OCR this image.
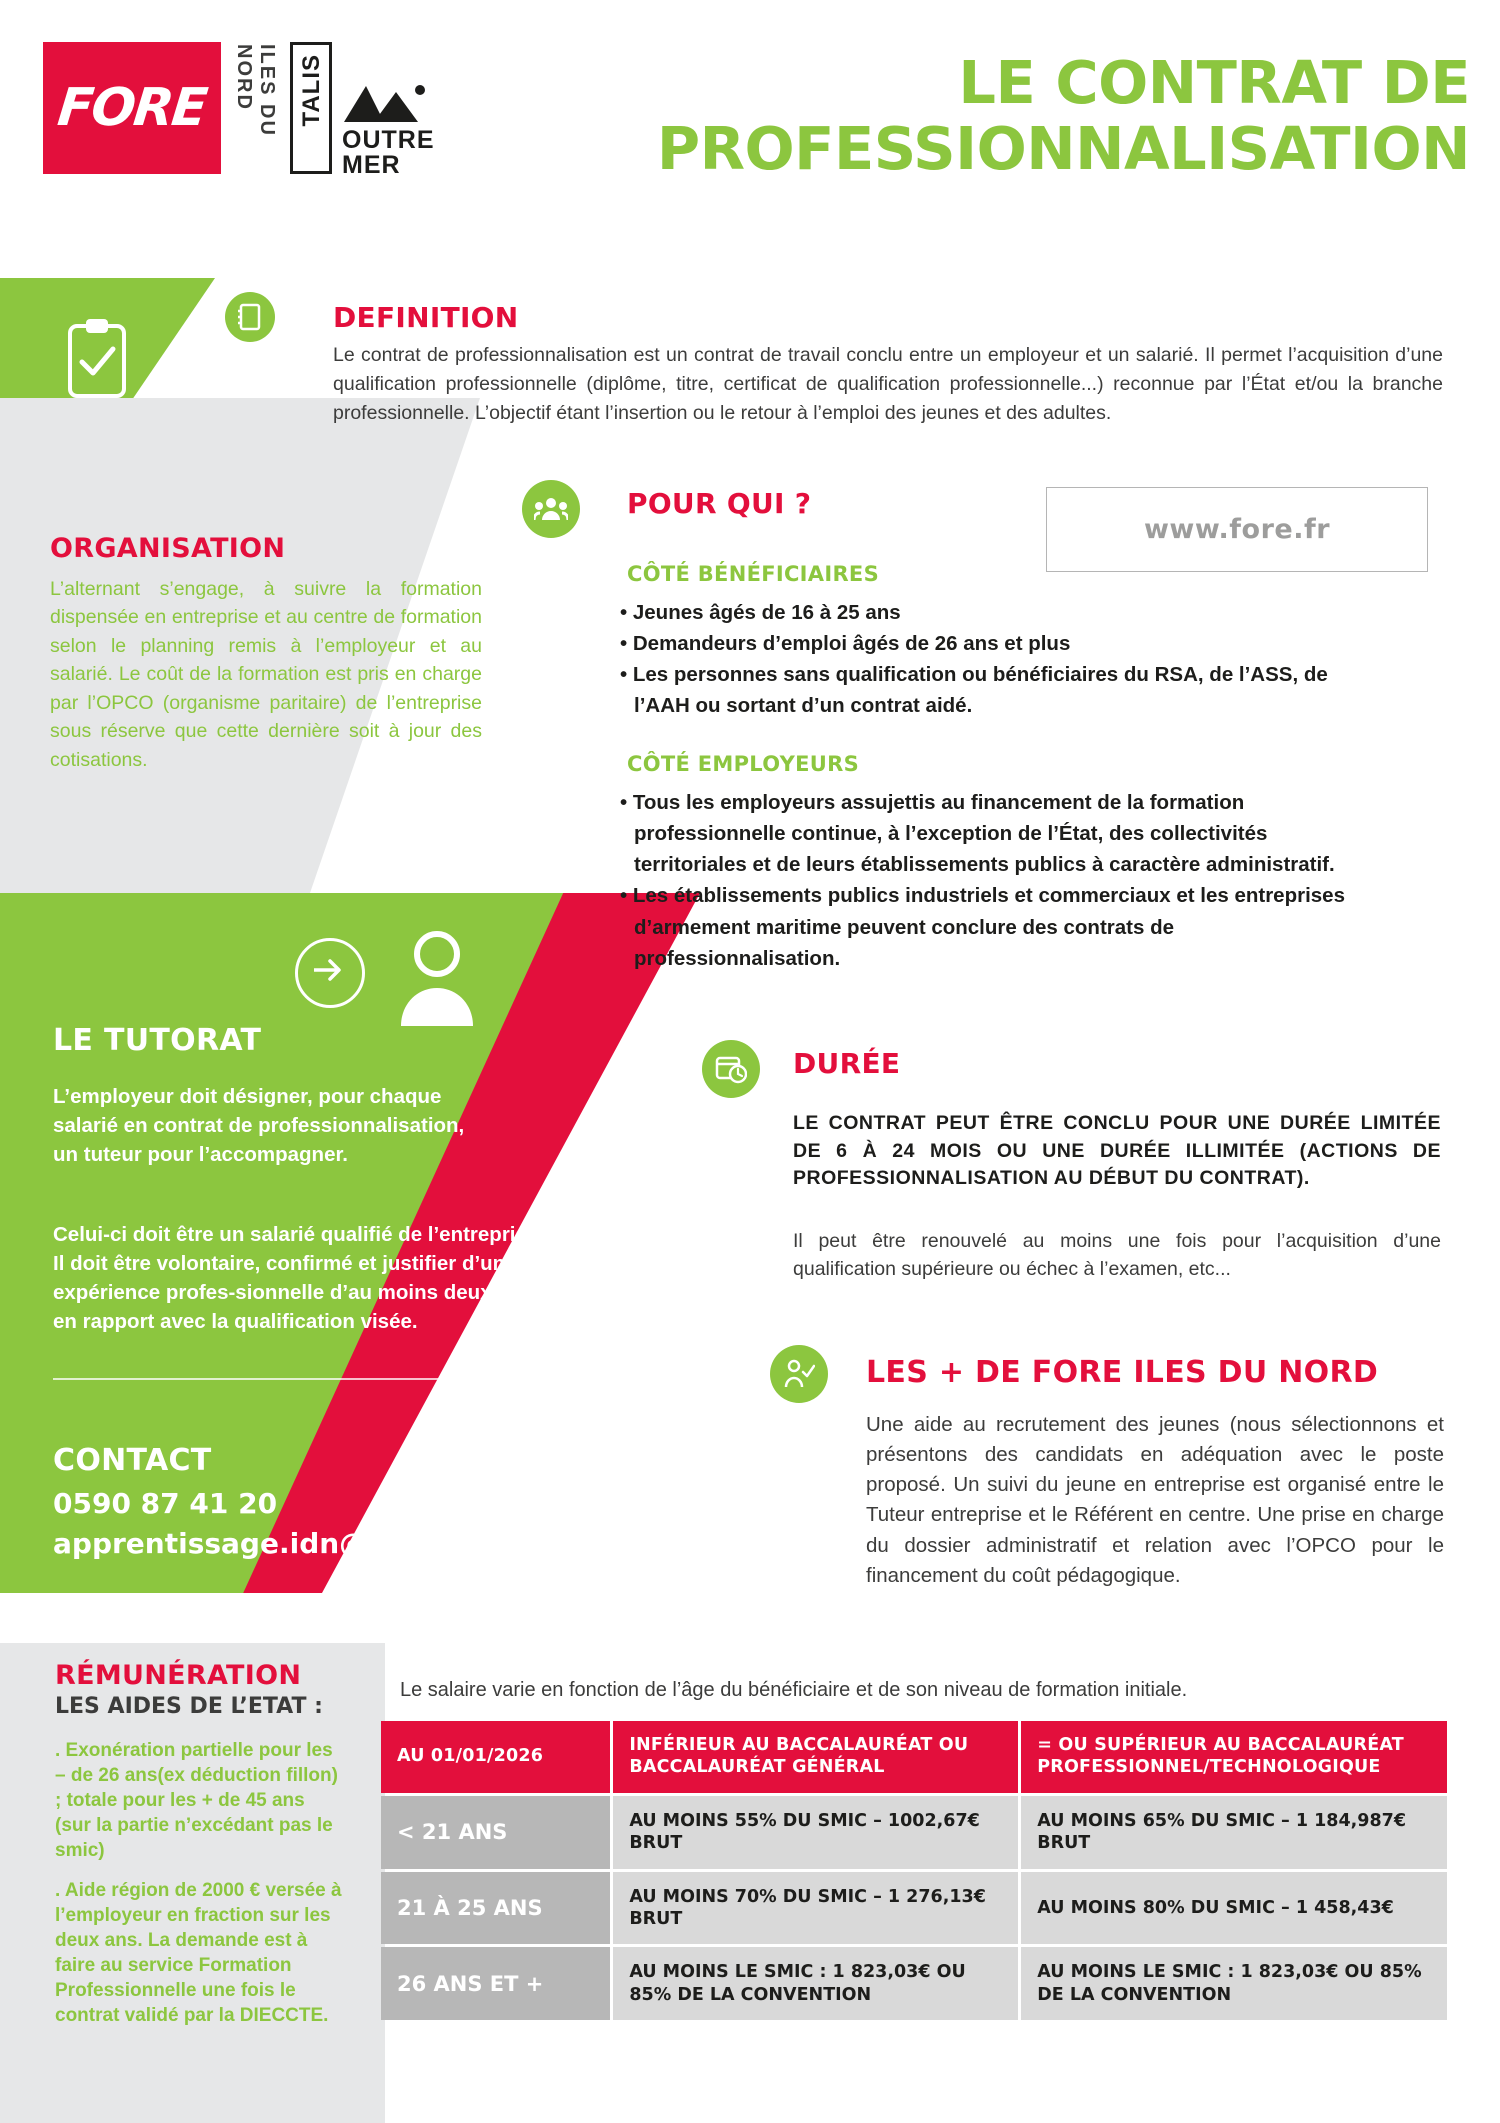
FORE	ILES DU NORD TALIS
OUTRE
MER
LE CONTRAT DE
PROFESSIONNALISATION
DEFINITION
Le contrat de professionnalisation est un contrat de travail conclu entre un employeur et un salarié. Il permet l’acquisition d’une qualification professionnelle (diplôme, titre, certificat de qualification professionnelle...) reconnue par l’État et/ou la branche professionnelle. L’objectif étant l’insertion ou le retour à l’emploi des jeunes et des adultes.
ORGANISATION
L’alternant s’engage, à suivre la formation dispensée en entreprise et au centre de formation selon le planning remis à l’employeur et au salarié. Le coût de la formation est pris en charge par l’OPCO (organisme paritaire) de l’entreprise sous réserve que cette dernière soit à jour des cotisations.
POUR QUI ?
www.fore.fr
CÔTÉ BÉNÉFICIAIRES
• Jeunes âgés de 16 à 25 ans
• Demandeurs d’emploi âgés de 26 ans et plus
• Les personnes sans qualification ou bénéficiaires du RSA, de l’ASS, de l’AAH ou sortant d’un contrat aidé.
CÔTÉ EMPLOYEURS
• Tous les employeurs assujettis au financement de la formation professionnelle continue, à l’exception de l’État, des collectivités territoriales et de leurs établissements publics à caractère administratif.
• Les établissements publics industriels et commerciaux et les entreprises d’armement maritime peuvent conclure des contrats de professionnalisation.
LE TUTORAT
L’employeur doit désigner, pour chaque salarié en contrat de professionnalisation, un tuteur pour l’accompagner.
Celui-ci doit être un salarié qualifié de l’entreprise. Il doit être volontaire, confirmé et justifier d’une expérience profes-sionnelle d’au moins deux ans en rapport avec la qualification visée.
CONTACT
0590 87 41 20
apprentissage.idn@fore.fr
DURÉE
LE CONTRAT PEUT ÊTRE CONCLU POUR UNE DURÉE LIMITÉE DE 6 À 24 MOIS OU UNE DURÉE ILLIMITÉE (ACTIONS DE PROFESSIONNALISATION AU DÉBUT DU CONTRAT).
Il peut être renouvelé au moins une fois pour l’acquisition d’une qualification supérieure ou échec à l’examen, etc...
LES + DE FORE ILES DU NORD
Une aide au recrutement des jeunes (nous sélectionnons et présentons des candidats en adéquation avec le poste proposé. Un suivi du jeune en entreprise est organisé entre le Tuteur entreprise et le Référent en centre. Une prise en charge du dossier administratif et relation avec l’OPCO pour le financement du coût pédagogique.
RÉMUNÉRATION
LES AIDES DE L’ETAT :
. Exonération partielle pour les – de 26 ans(ex déduction fillon) ; totale pour les + de 45 ans (sur la partie n’excédant pas le smic)
. Aide région de 2000 € versée à l’employeur en fraction sur les deux ans. La demande est à faire au service Formation Professionnelle une fois le contrat validé par la DIECCTE.
Le salaire varie en fonction de l’âge du bénéficiaire et de son niveau de formation initiale.
AU 01/01/2026	INFÉRIEUR AU BACCALAURÉAT OU BACCALAURÉAT GÉNÉRAL	= OU SUPÉRIEUR AU BACCALAURÉAT PROFESSIONNEL/TECHNOLOGIQUE
< 21 ANS	AU MOINS 55% DU SMIC – 1002,67€ BRUT	AU MOINS 65% DU SMIC – 1 184,987€ BRUT
21 À 25 ANS	AU MOINS 70% DU SMIC – 1 276,13€ BRUT	AU MOINS 80% DU SMIC – 1 458,43€
26 ANS ET +	AU MOINS LE SMIC : 1 823,03€ OU 85% DE LA CONVENTION	AU MOINS LE SMIC : 1 823,03€ OU 85% DE LA CONVENTION
